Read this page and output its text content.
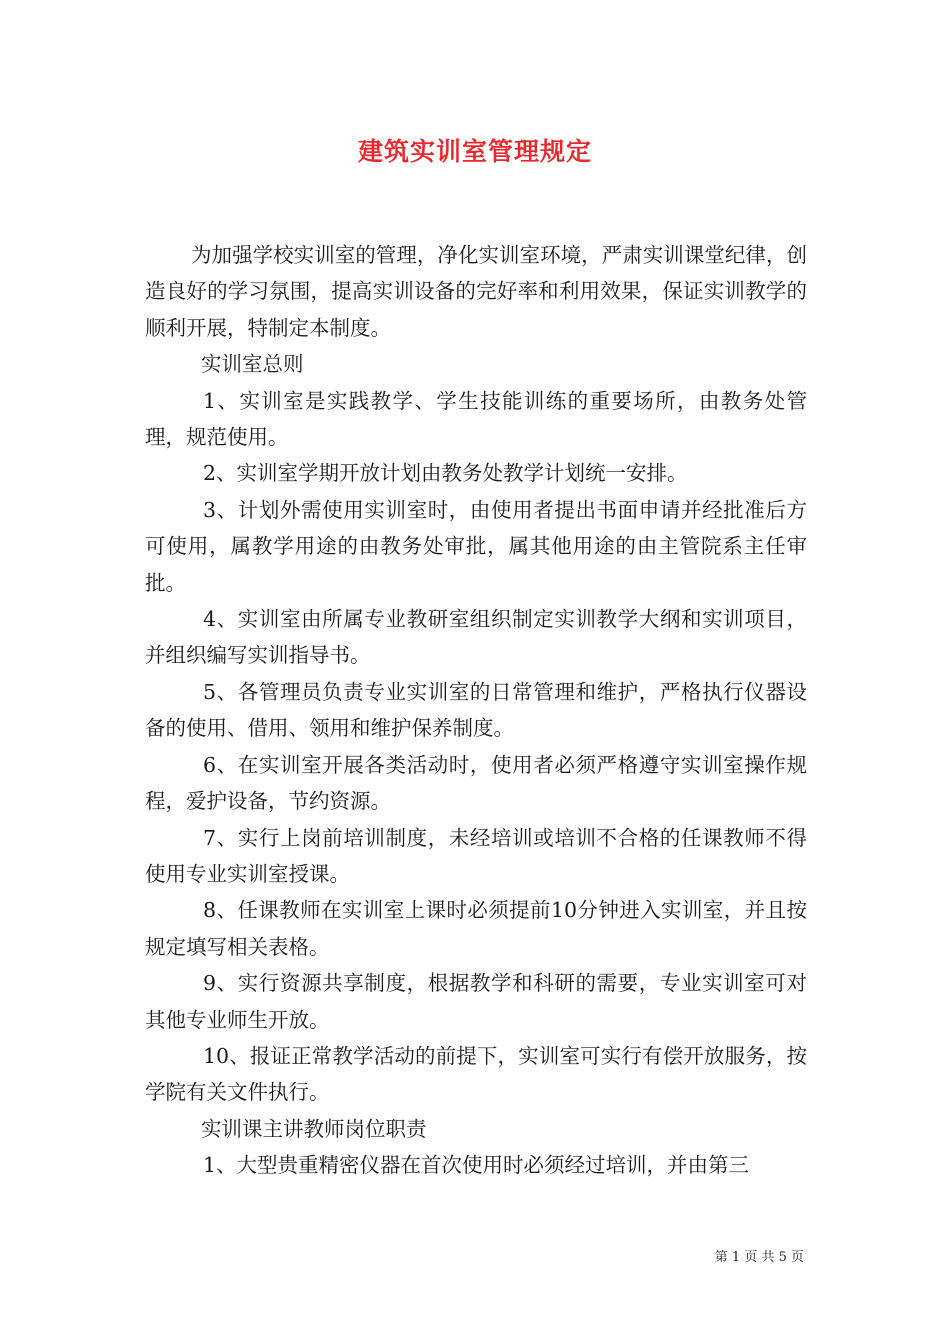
建筑实训室管理规定

为加强学校实训室的管理，净化实训室环境，严肃实训课堂纪律，创造良好的学习氛围，提高实训设备的完好率和利用效果，保证实训教学的顺利开展，特制定本制度。

实训室总则

1、实训室是实践教学、学生技能训练的重要场所，由教务处管理，规范使用。

2、实训室学期开放计划由教务处教学计划统一安排。

3、计划外需使用实训室时，由使用者提出书面申请并经批准后方可使用，属教学用途的由教务处审批，属其他用途的由主管院系主任审批。

4、实训室由所属专业教研室组织制定实训教学大纲和实训项目，并组织编写实训指导书。

5、各管理员负责专业实训室的日常管理和维护，严格执行仪器设备的使用、借用、领用和维护保养制度。

6、在实训室开展各类活动时，使用者必须严格遵守实训室操作规程，爱护设备，节约资源。

7、实行上岗前培训制度，未经培训或培训不合格的任课教师不得使用专业实训室授课。

8、任课教师在实训室上课时必须提前10分钟进入实训室，并且按规定填写相关表格。

9、实行资源共享制度，根据教学和科研的需要，专业实训室可对其他专业师生开放。

10、报证正常教学活动的前提下，实训室可实行有偿开放服务，按学院有关文件执行。

实训课主讲教师岗位职责

1、大型贵重精密仪器在首次使用时必须经过培训，并由第三

第 1 页 共 5 页
